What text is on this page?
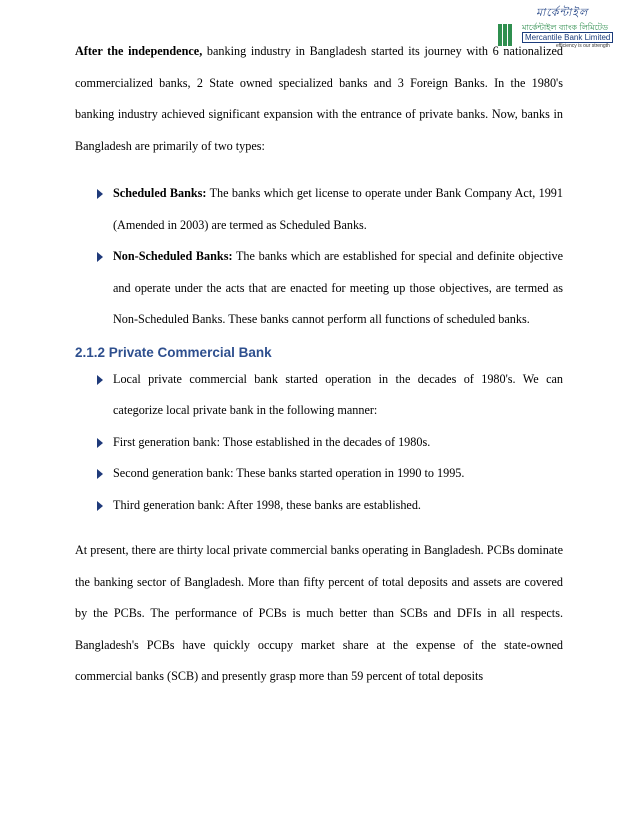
মার্কেন্টাইল
মার্কেন্টাইল ব্যাংক লিমিটেড
Mercantile Bank Limited
efficiency is our strength

After the independence, banking industry in Bangladesh started its journey with 6 nationalized commercialized banks, 2 State owned specialized banks and 3 Foreign Banks. In the 1980's banking industry achieved significant expansion with the entrance of private banks. Now, banks in Bangladesh are primarily of two types:

Scheduled Banks: The banks which get license to operate under Bank Company Act, 1991 (Amended in 2003) are termed as Scheduled Banks.
Non-Scheduled Banks: The banks which are established for special and definite objective and operate under the acts that are enacted for meeting up those objectives, are termed as Non-Scheduled Banks. These banks cannot perform all functions of scheduled banks.
2.1.2 Private Commercial Bank
Local private commercial bank started operation in the decades of 1980's. We can categorize local private bank in the following manner:
First generation bank: Those established in the decades of 1980s.
Second generation bank: These banks started operation in 1990 to 1995.
Third generation bank: After 1998, these banks are established.

At present, there are thirty local private commercial banks operating in Bangladesh. PCBs dominate the banking sector of Bangladesh. More than fifty percent of total deposits and assets are covered by the PCBs. The performance of PCBs is much better than SCBs and DFIs in all respects. Bangladesh's PCBs have quickly occupy market share at the expense of the state-owned commercial banks (SCB) and presently grasp more than 59 percent of total deposits
